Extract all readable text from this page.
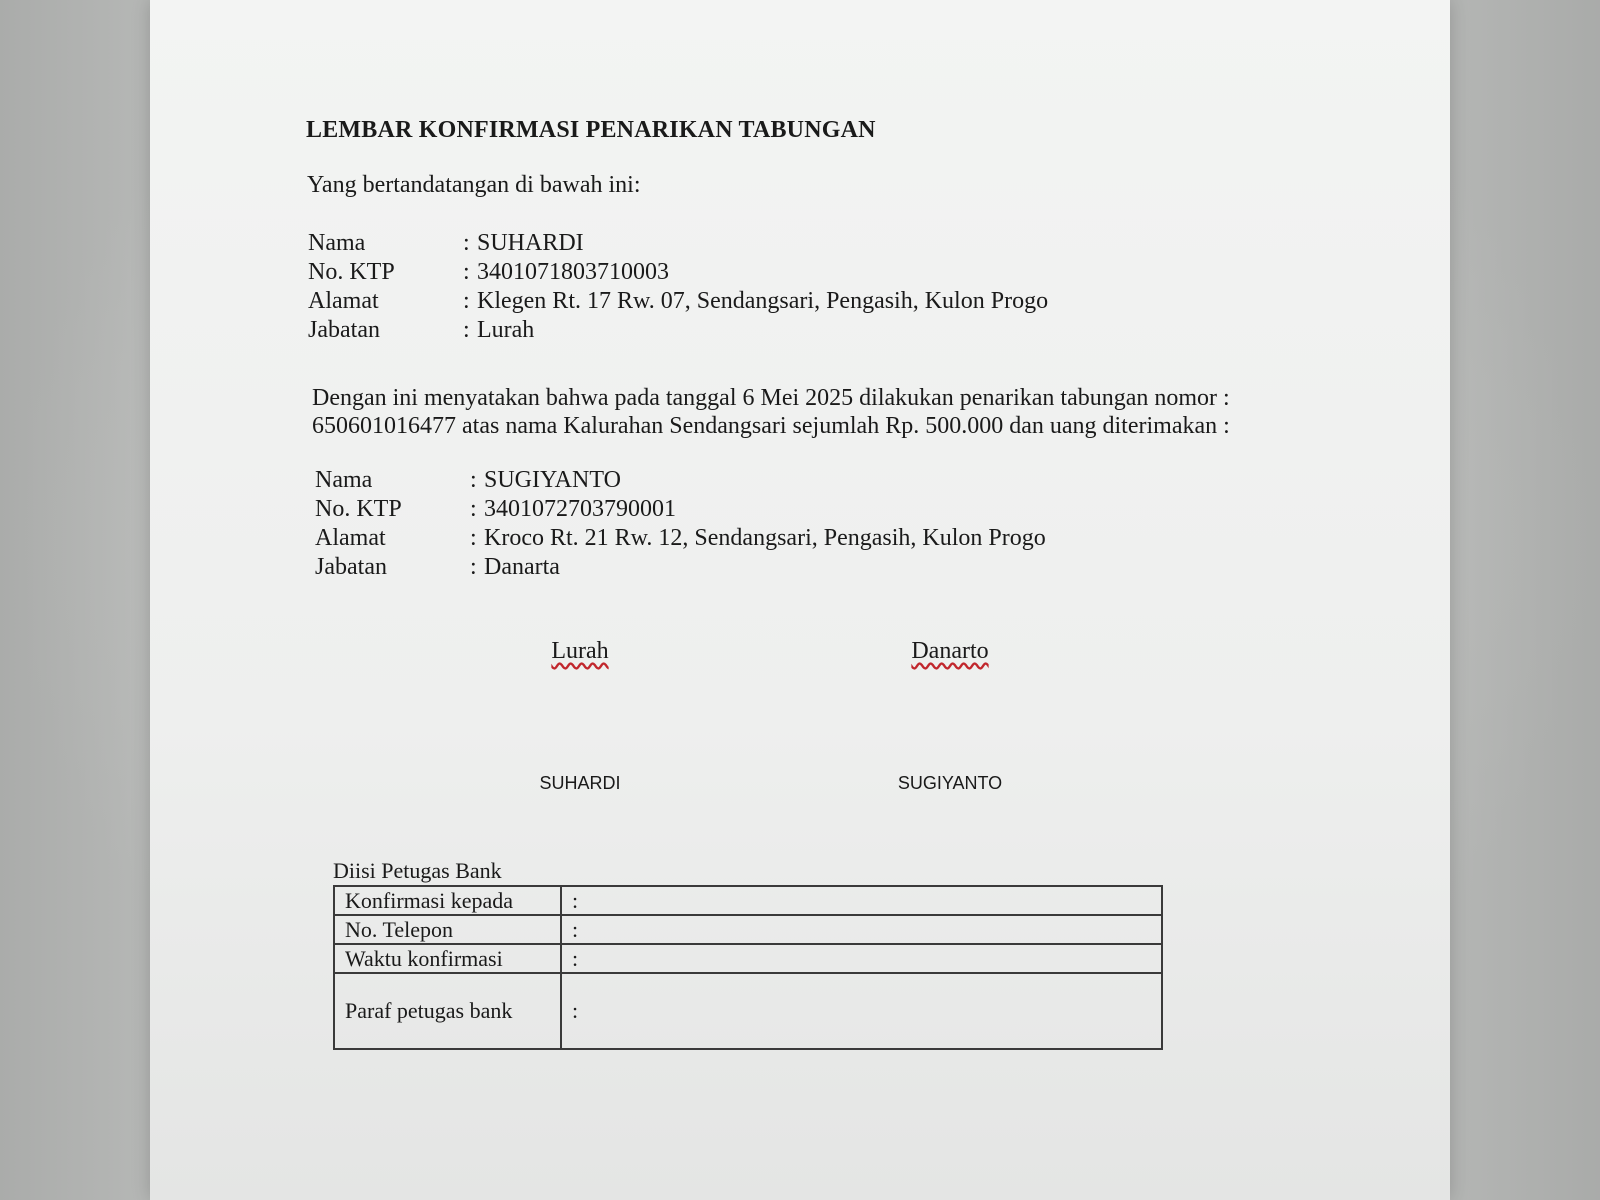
LEMBAR KONFIRMASI PENARIKAN TABUNGAN
Yang bertandatangan di bawah ini:
Nama	: SUHARDI
No. KTP	: 3401071803710003
Alamat	: Klegen Rt. 17 Rw. 07, Sendangsari, Pengasih, Kulon Progo
Jabatan	: Lurah
Dengan ini menyatakan bahwa pada tanggal 6 Mei 2025 dilakukan penarikan tabungan nomor :
650601016477 atas nama Kalurahan Sendangsari sejumlah Rp. 500.000 dan uang diterimakan :
Nama	: SUGIYANTO
No. KTP	: 3401072703790001
Alamat	: Kroco Rt. 21 Rw. 12, Sendangsari, Pengasih, Kulon Progo
Jabatan	: Danarta
Lurah
SUHARDI
Danarto
SUGIYANTO
Diisi Petugas Bank
Konfirmasi kepada	:
No. Telepon	:
Waktu konfirmasi	:
Paraf petugas bank	:
